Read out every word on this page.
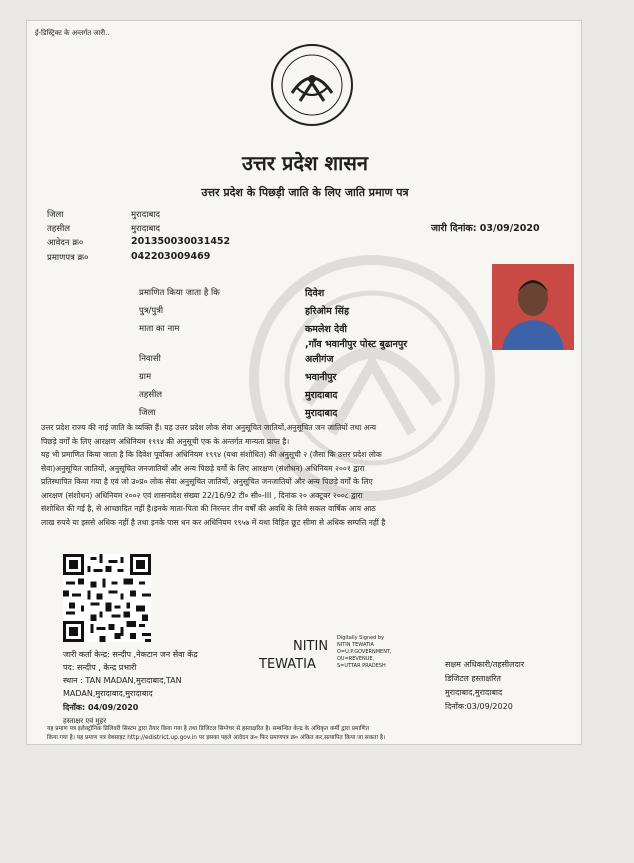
ई-डिस्ट्रिक्ट के अन्तर्गत जारी..
उत्तर प्रदेश शासन
उत्तर प्रदेश के पिछड़ी जाति के लिए जाति प्रमाण पत्र
जिला	मुरादाबाद
तहसील	मुरादाबाद
आवेदन क्र०	201350030031452
प्रमाणपत्र क्र०	042203009469
जारी दिनांक: 03/09/2020
प्रमाणित किया जाता है कि	दिवेश
पुत्र/पुत्री	हरिओम सिंह
माता का नाम	कमलेश देवी
,गाँव भवानीपुर पोस्ट बुढानपुर
निवासी	अलीगंज
ग्राम	भवानीपुर
तहसील	मुरादाबाद
जिला	मुरादाबाद
उत्तर प्रदेश राज्य की नाई जाति के व्यक्ति हैं। यह उत्तर प्रदेश लोक सेवा अनुसूचित जातियों,अनुसूचित जन जातियों तथा अन्य
पिछड़े वर्गों के लिए आरक्षण अधिनियम १९९४ की अनुसूची एक के अन्तर्गत मान्यता प्राप्त है।
यह भी प्रमाणित किया जाता है कि दिवेश पूर्वोक्त अधिनियम १९९४ (यथा संशोधित) की अनुसूची २ (जैसा कि उत्तर प्रदेश लोक
सेवा)अनुसूचित जातियों, अनुसूचित जनजातियों और अन्य पिछड़े वर्गों के लिए आरक्षण (संशोधन) अधिनियम २००१ द्वारा
प्रतिस्थापित किया गया है एवं जो उ०प्र० लोक सेवा अनुसूचित जातियों, अनुसूचित जनजातियों और अन्य पिछड़े वर्गों के लिए
आरक्षण (संशोधन) अधिनियम २००२ एवं शासनादेश संख्या 22/16/92 टी० सी०-III , दिनांक २० अक्टूबर २००८ द्वारा
संशोधित की गई है, से आच्छादित नहीं है।इनके माता-पिता की निरन्तर तीन वर्षों की अवधि के लिये सकल वार्षिक आय आठ
लाख रुपये या इससे अधिक नहीं है तथा इनके पास धन कर अधिनियम १९५७ में यथा विहित छूट सीमा से अधिक सम्पत्ति नहीं है
जारी कर्ता केन्द्र: सन्दीप ,नेकटान जन सेवा केंद्र
पद: सन्दीप , केन्द्र प्रभारी
स्थान : TAN MADAN,मुरादाबाद,TAN
MADAN,मुरादाबाद,मुरादाबाद
दिनाँक: 04/09/2020
हस्ताक्षर एवं मुहर
NITIN
TEWATIA
Digitally Signed by
NITIN TEWATIA
O=U.P.GOVERNMENT,
OU=REVENUE,
S=UTTAR PRADESH	सक्षम अधिकारी/तहसीलदार
डिजिटल हस्ताक्षरित
मुरादाबाद,मुरादाबाद
दिनाँक:03/09/2020
यह प्रमाण पत्र इलेक्ट्रॉनिक डिलिवरी सिस्टम द्वारा तैयार किया गया है तथा डिजिटल सिग्नेचर से हस्ताक्षरित है। सम्बन्धित केन्द्र के अधिकृत कर्मी द्वारा प्रमाणित
किया गया है। यह प्रमाण पत्र वेबसाइट http://edistrict.up.gov.in पर इसका पहले आवेदन क्र० फिर प्रमाणपत्र क्र० अंकित कर,सत्यापित किया जा सकता है।
